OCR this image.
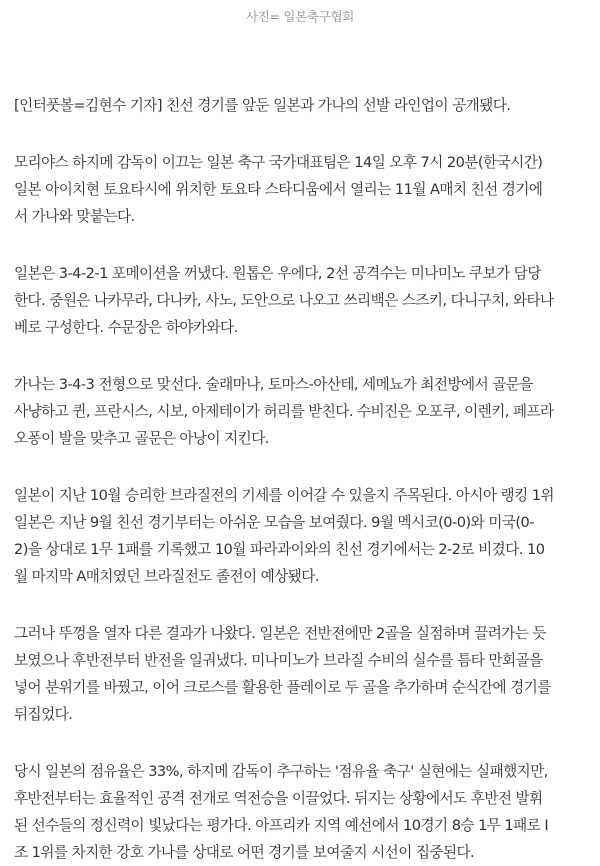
사진= 일본축구협회
[인터풋볼=김현수 기자] 친선 경기를 앞둔 일본과 가나의 선발 라인업이 공개됐다.
모리야스 하지메 감독이 이끄는 일본 축구 국가대표팀은 14일 오후 7시 20분(한국시간)
일본 아이치현 토요타시에 위치한 토요타 스타디움에서 열리는 11월 A매치 친선 경기에
서 가나와 맞붙는다.
일본은 3-4-2-1 포메이션을 꺼냈다. 원톱은 우에다, 2선 공격수는 미나미노 쿠보가 담당
한다. 중원은 나카무라, 다나카, 사노, 도안으로 나오고 쓰리백은 스즈키, 다니구치, 와타나
베로 구성한다. 수문장은 하야카와다.
가나는 3-4-3 전형으로 맞선다. 술래마나, 토마스-아산테, 세메뇨가 최전방에서 골문을
사냥하고 퀸, 프란시스, 시보, 아제테이가 허리를 받친다. 수비진은 오포쿠, 이렌키, 페프라
오퐁이 발을 맞추고 골문은 아낭이 지킨다.
일본이 지난 10월 승리한 브라질전의 기세를 이어갈 수 있을지 주목된다. 아시아 랭킹 1위
일본은 지난 9월 친선 경기부터는 아쉬운 모습을 보여줬다. 9월 멕시코(0-0)와 미국(0-
2)을 상대로 1무 1패를 기록했고 10월 파라과이와의 친선 경기에서는 2-2로 비겼다. 10
월 마지막 A매치였던 브라질전도 졸전이 예상됐다.
그러나 뚜껑을 열자 다른 결과가 나왔다. 일본은 전반전에만 2골을 실점하며 끌려가는 듯
보였으나 후반전부터 반전을 일궈냈다. 미나미노가 브라질 수비의 실수를 틈타 만회골을
넣어 분위기를 바꿨고, 이어 크로스를 활용한 플레이로 두 골을 추가하며 순식간에 경기를
뒤집었다.
당시 일본의 점유율은 33%, 하지메 감독이 추구하는 '점유율 축구' 실현에는 실패했지만,
후반전부터는 효율적인 공격 전개로 역전승을 이끌었다. 뒤지는 상황에서도 후반전 발휘
된 선수들의 정신력이 빛났다는 평가다. 아프리카 지역 예선에서 10경기 8승 1무 1패로 I
조 1위를 차지한 강호 가나를 상대로 어떤 경기를 보여줄지 시선이 집중된다.
